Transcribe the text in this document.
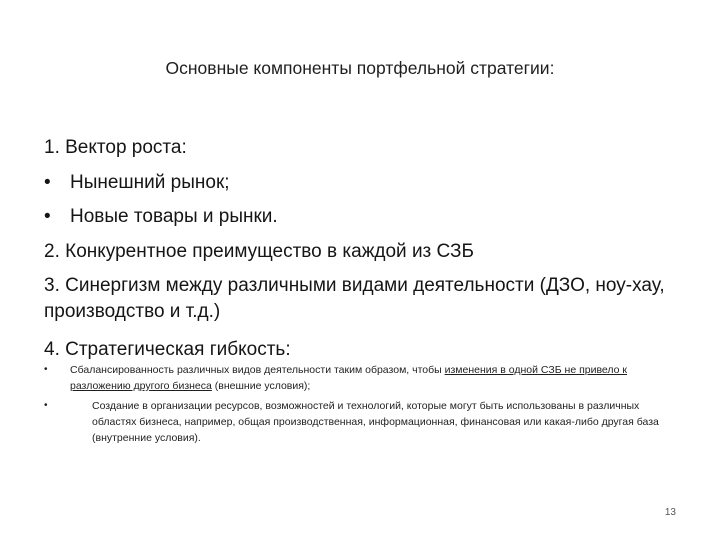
Основные компоненты портфельной стратегии:
1. Вектор роста:
•	Нынешний рынок;
•	Новые товары и рынки.
2. Конкурентное преимущество в каждой из СЗБ
3. Синергизм между различными видами деятельности (ДЗО, ноу-хау, производство и т.д.)
4. Стратегическая гибкость:
•	Сбалансированность различных видов деятельности таким образом, чтобы изменения в одной СЗБ не привело к разложению другого бизнеса (внешние условия);
•	Создание в организации ресурсов, возможностей и технологий, которые могут быть использованы в различных областях бизнеса, например, общая производственная, информационная, финансовая или какая-либо другая база (внутренние условия).
13
